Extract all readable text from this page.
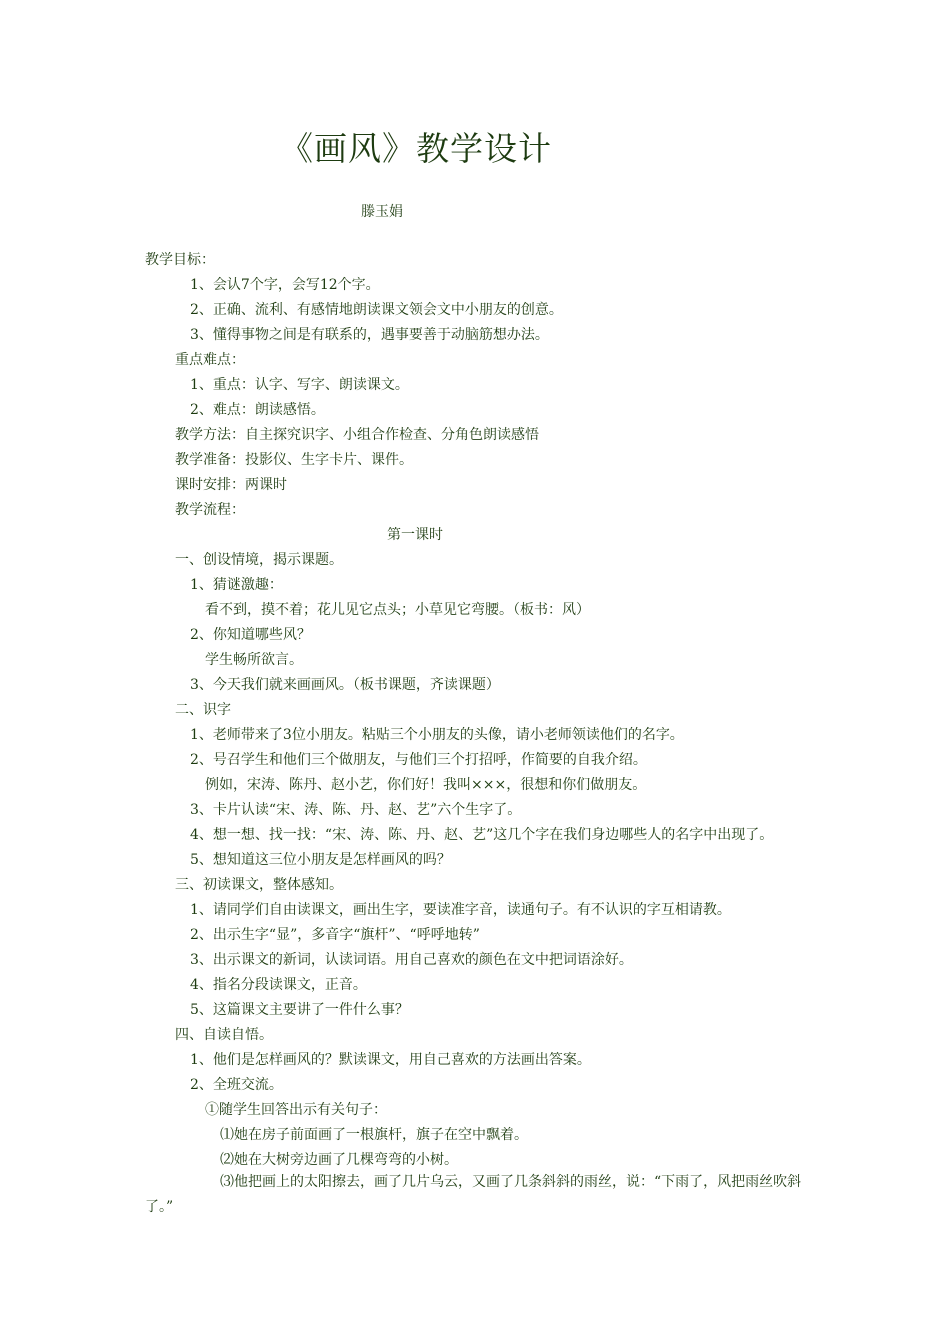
《画风》教学设计
滕玉娟
教学目标：
1、会认7个字，会写12个字。
2、正确、流利、有感情地朗读课文领会文中小朋友的创意。
3、懂得事物之间是有联系的，遇事要善于动脑筋想办法。
重点难点：
1、重点：认字、写字、朗读课文。
2、难点：朗读感悟。
教学方法：自主探究识字、小组合作检查、分角色朗读感悟
教学准备：投影仪、生字卡片、课件。
课时安排：两课时
教学流程：
第一课时
一、创设情境，揭示课题。
1、猜谜激趣：
看不到，摸不着；花儿见它点头；小草见它弯腰。（板书：风）
2、你知道哪些风？
学生畅所欲言。
3、今天我们就来画画风。（板书课题，齐读课题）
二、识字
1、老师带来了3位小朋友。粘贴三个小朋友的头像，请小老师领读他们的名字。
2、号召学生和他们三个做朋友，与他们三个打招呼，作简要的自我介绍。
例如，宋涛、陈丹、赵小艺，你们好！我叫×××，很想和你们做朋友。
3、卡片认读“宋、涛、陈、丹、赵、艺”六个生字了。
4、想一想、找一找：“宋、涛、陈、丹、赵、艺”这几个字在我们身边哪些人的名字中出现了。
5、想知道这三位小朋友是怎样画风的吗？
三、初读课文，整体感知。
1、请同学们自由读课文，画出生字，要读准字音，读通句子。有不认识的字互相请教。
2、出示生字“显”，多音字“旗杆”、“呼呼地转”
3、出示课文的新词，认读词语。用自己喜欢的颜色在文中把词语涂好。
4、指名分段读课文，正音。
5、这篇课文主要讲了一件什么事？
四、自读自悟。
1、他们是怎样画风的？默读课文，用自己喜欢的方法画出答案。
2、全班交流。
①随学生回答出示有关句子：
⑴她在房子前面画了一根旗杆，旗子在空中飘着。
⑵她在大树旁边画了几棵弯弯的小树。
⑶他把画上的太阳擦去，画了几片乌云，又画了几条斜斜的雨丝，说：“下雨了，风把雨丝吹斜了。”
